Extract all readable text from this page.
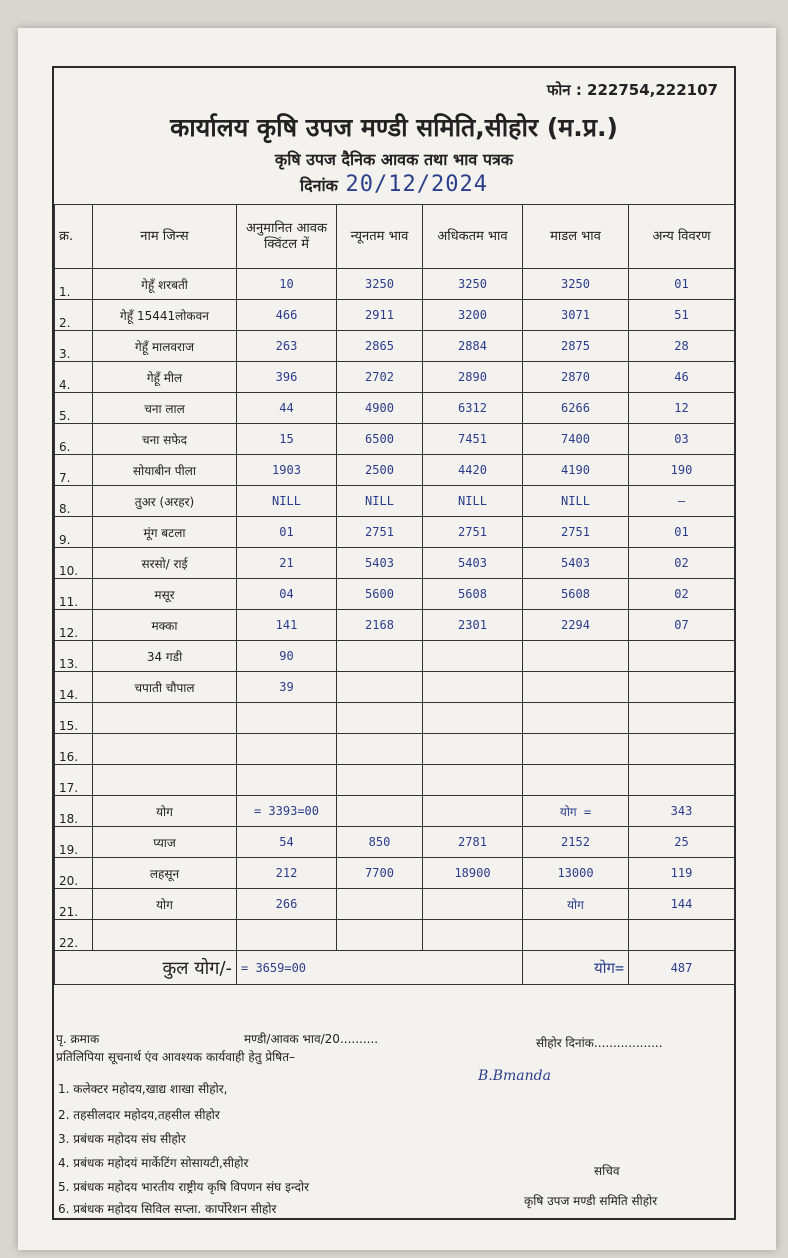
फोन : 222754,222107
कार्यालय कृषि उपज मण्डी समिति,सीहोर (म.प्र.)
कृषि उपज दैनिक आवक तथा भाव पत्रक
दिनांक 20/12/2024
क्र.	नाम जिन्स	अनुमानित आवक क्विंटल में	न्यूनतम भाव	अधिकतम भाव	माडल भाव	अन्य विवरण
1.	गेहूँ शरबती	10	3250	3250	3250	01
2.	गेहूँ 15441लोकवन	466	2911	3200	3071	51
3.	गेहूँ मालवराज	263	2865	2884	2875	28
4.	गेहूँ मील	396	2702	2890	2870	46
5.	चना लाल	44	4900	6312	6266	12
6.	चना सफेद	15	6500	7451	7400	03
7.	सोयाबीन पीला	1903	2500	4420	4190	190
8.	तुअर (अरहर)	NILL	NILL	NILL	NILL	—
9.	मूंग बटला	01	2751	2751	2751	01
10.	सरसो/ राई	21	5403	5403	5403	02
11.	मसूर	04	5600	5608	5608	02
12.	मक्का	141	2168	2301	2294	07
13.	34 गडी	90				
14.	चपाती चौपाल	39				
15.						
16.						
17.						
18.	योग	= 3393=00			योग =	343
19.	प्याज	54	850	2781	2152	25
20.	लहसून	212	7700	18900	13000	119
21.	योग	266			योग	144
22.						
	कुल योग/-	= 3659=00			योग=	487
B.Bmanda
पृ. क्रमाक	मण्डी/आवक भाव/20..........	सीहोर दिनांक..................
प्रतिलिपिया सूचनार्थ एंव आवश्यक कार्यवाही हेतु प्रेषित–
1. कलेक्टर महोदय,खाद्य शाखा सीहोर,
2. तहसीलदार महोदय,तहसील सीहोर
3. प्रबंधक महोदय संघ सीहोर
4. प्रबंधक महोदयं मार्केटिंग सोसायटी,सीहोर
5. प्रबंधक महोदय भारतीय राष्ट्रीय कृषि विपणन संघ इन्दोर
6. प्रबंधक महोदय सिविल सप्ला. कार्पोरेशन सीहोर
सचिव
कृषि उपज मण्डी समिति सीहोर
